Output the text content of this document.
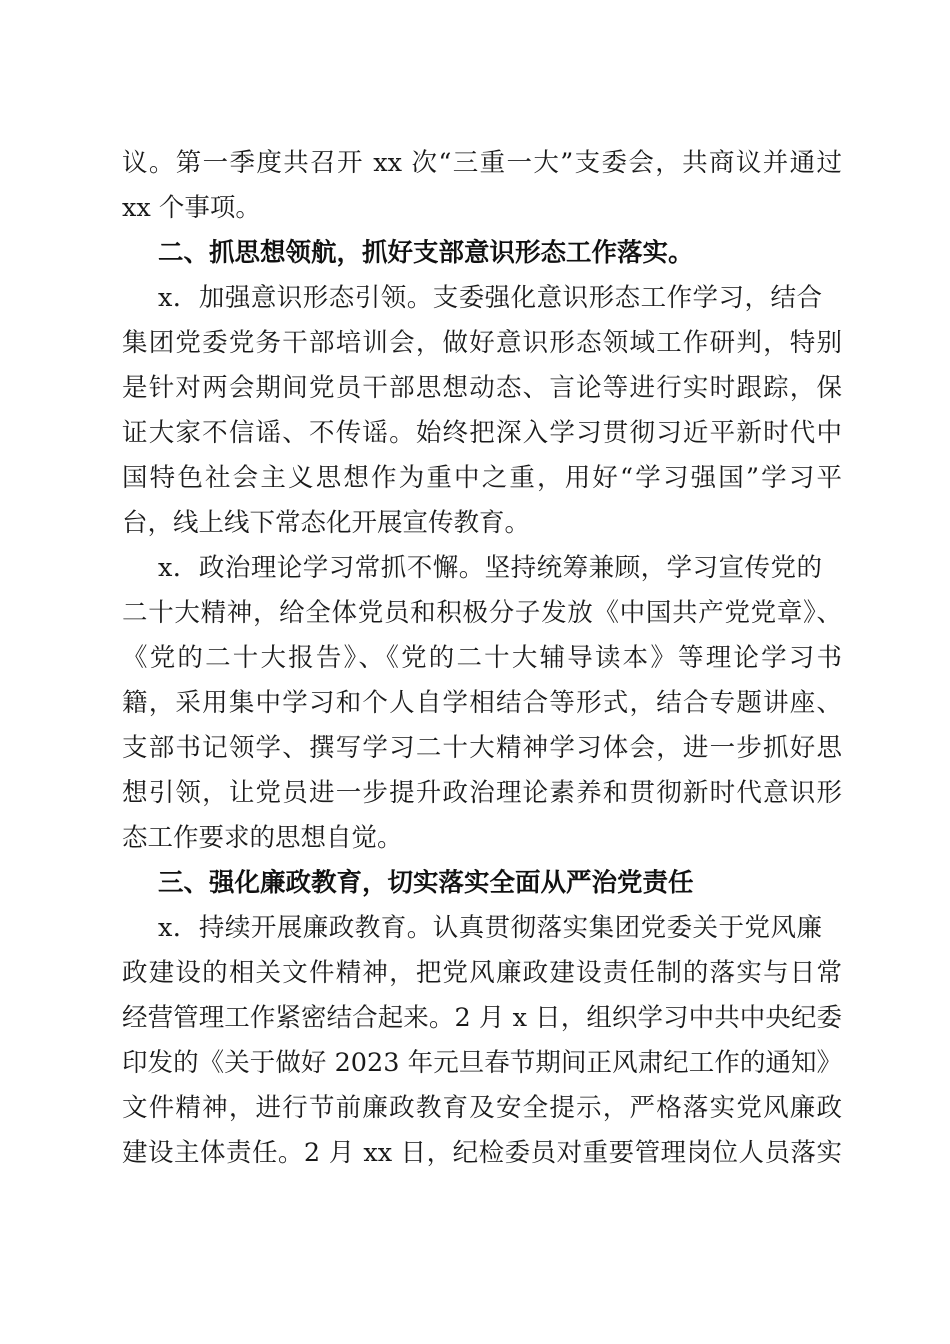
议。第一季度共召开 xx 次“三重一大”支委会，共商议并通过
xx 个事项。
二、抓思想领航，抓好支部意识形态工作落实。
x．加强意识形态引领。支委强化意识形态工作学习，结合
集团党委党务干部培训会，做好意识形态领域工作研判，特别
是针对两会期间党员干部思想动态、言论等进行实时跟踪，保
证大家不信谣、不传谣。始终把深入学习贯彻习近平新时代中
国特色社会主义思想作为重中之重，用好“学习强国”学习平
台，线上线下常态化开展宣传教育。
x．政治理论学习常抓不懈。坚持统筹兼顾，学习宣传党的
二十大精神，给全体党员和积极分子发放《中国共产党党章》、
《党的二十大报告》、《党的二十大辅导读本》等理论学习书
籍，采用集中学习和个人自学相结合等形式，结合专题讲座、
支部书记领学、撰写学习二十大精神学习体会，进一步抓好思
想引领，让党员进一步提升政治理论素养和贯彻新时代意识形
态工作要求的思想自觉。
三、强化廉政教育，切实落实全面从严治党责任
x．持续开展廉政教育。认真贯彻落实集团党委关于党风廉
政建设的相关文件精神，把党风廉政建设责任制的落实与日常
经营管理工作紧密结合起来。2 月 x 日，组织学习中共中央纪委
印发的《关于做好 2023 年元旦春节期间正风肃纪工作的通知》
文件精神，进行节前廉政教育及安全提示，严格落实党风廉政
建设主体责任。2 月 xx 日，纪检委员对重要管理岗位人员落实
